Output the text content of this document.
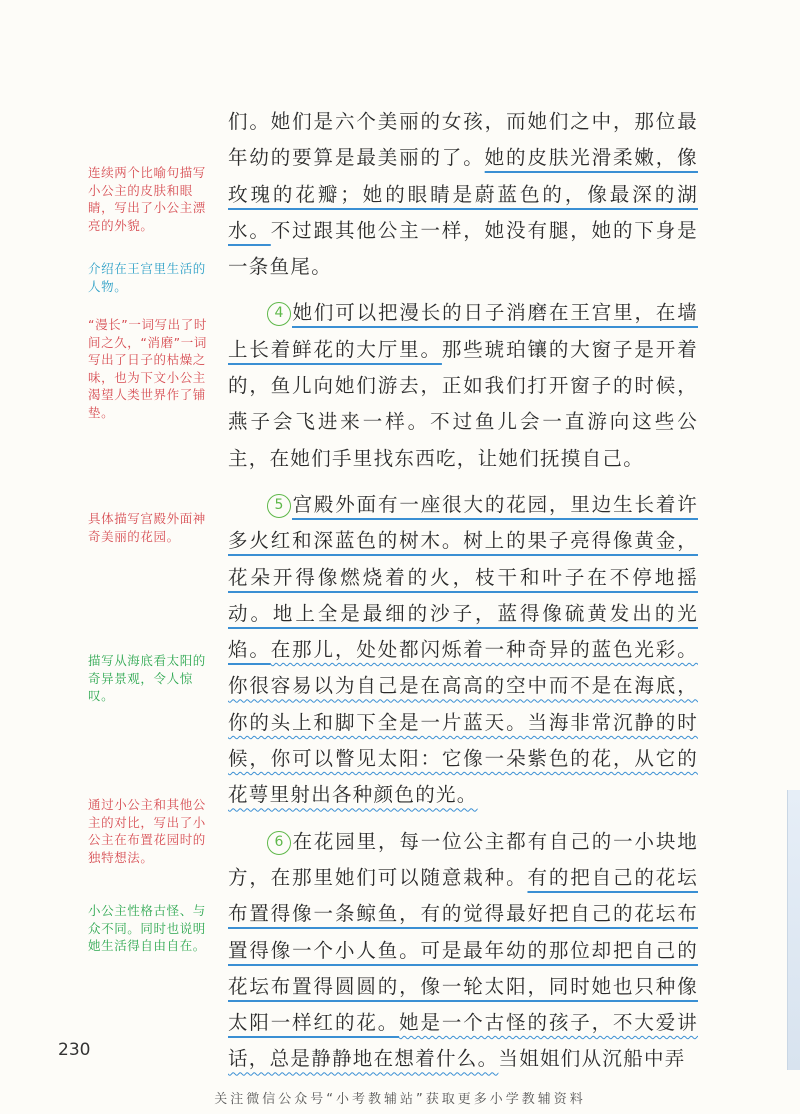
连续两个比喻句描写小公主的皮肤和眼睛，写出了小公主漂亮的外貌。
介绍在王宫里生活的人物。
“漫长”一词写出了时间之久，“消磨”一词写出了日子的枯燥之味，也为下文小公主渴望人类世界作了铺垫。
具体描写宫殿外面神奇美丽的花园。
描写从海底看太阳的奇异景观，令人惊叹。
通过小公主和其他公主的对比，写出了小公主在布置花园时的独特想法。
小公主性格古怪、与众不同。同时也说明她生活得自由自在。

们。她们是六个美丽的女孩，而她们之中，那位最年幼的要算是最美丽的了。她的皮肤光滑柔嫩，像玫瑰的花瓣；她的眼睛是蔚蓝色的，像最深的湖水。不过跟其他公主一样，她没有腿，她的下身是一条鱼尾。

4 她们可以把漫长的日子消磨在王宫里，在墙上长着鲜花的大厅里。那些琥珀镶的大窗子是开着的，鱼儿向她们游去，正如我们打开窗子的时候，燕子会飞进来一样。不过鱼儿会一直游向这些公主，在她们手里找东西吃，让她们抚摸自己。

5 宫殿外面有一座很大的花园，里边生长着许多火红和深蓝色的树木。树上的果子亮得像黄金，花朵开得像燃烧着的火，枝干和叶子在不停地摇动。地上全是最细的沙子，蓝得像硫黄发出的光焰。在那儿，处处都闪烁着一种奇异的蓝色光彩。你很容易以为自己是在高高的空中而不是在海底，你的头上和脚下全是一片蓝天。当海非常沉静的时候，你可以瞥见太阳：它像一朵紫色的花，从它的花萼里射出各种颜色的光。

6 在花园里，每一位公主都有自己的一小块地方，在那里她们可以随意栽种。有的把自己的花坛布置得像一条鲸鱼，有的觉得最好把自己的花坛布置得像一个小人鱼。可是最年幼的那位却把自己的花坛布置得圆圆的，像一轮太阳，同时她也只种像太阳一样红的花。她是一个古怪的孩子，不大爱讲话，总是静静地在想着什么。当姐姐们从沉船中弄

230
关注微信公众号“小考教辅站”获取更多小学教辅资料
